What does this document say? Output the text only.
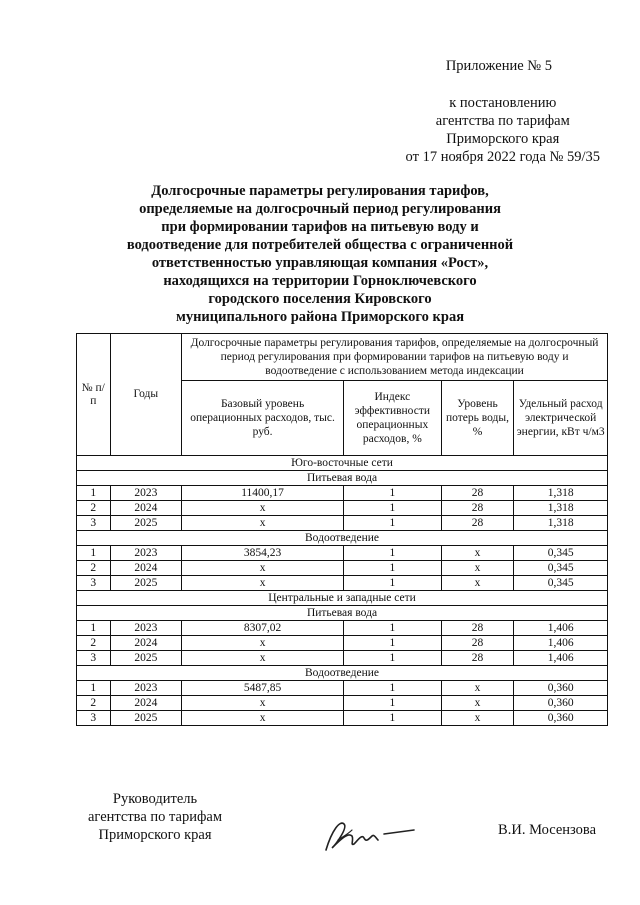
Приложение № 5
к постановлению
агентства по тарифам
Приморского края
от 17 ноября 2022 года № 59/35
Долгосрочные параметры регулирования тарифов,
определяемые на долгосрочный период регулирования
при формировании тарифов на питьевую воду и
водоотведение для потребителей общества с ограниченной
ответственностью управляющая компания «Рост»,
находящихся на территории Горноключевского
городского поселения Кировского
муниципального района Приморского края
№ п/п	Годы	Долгосрочные параметры регулирования тарифов, определяемые на долгосрочный период регулирования при формировании тарифов на питьевую воду и водоотведение с использованием метода индексации			
		Базовый уровень операционных расходов, тыс. руб.	Индекс эффективности операционных расходов, %	Уровень потерь воды, %	Удельный расход электрической энергии, кВт ч/м3
Юго-восточные сети					
Питьевая вода					
1	2023	11400,17	1	28	1,318
2	2024	х	1	28	1,318
3	2025	х	1	28	1,318
Водоотведение					
1	2023	3854,23	1	х	0,345
2	2024	х	1	х	0,345
3	2025	х	1	х	0,345
Центральные и западные сети					
Питьевая вода					
1	2023	8307,02	1	28	1,406
2	2024	х	1	28	1,406
3	2025	х	1	28	1,406
Водоотведение					
1	2023	5487,85	1	х	0,360
2	2024	х	1	х	0,360
3	2025	х	1	х	0,360
Руководитель
агентства по тарифам
Приморского края	В.И. Мосензова
